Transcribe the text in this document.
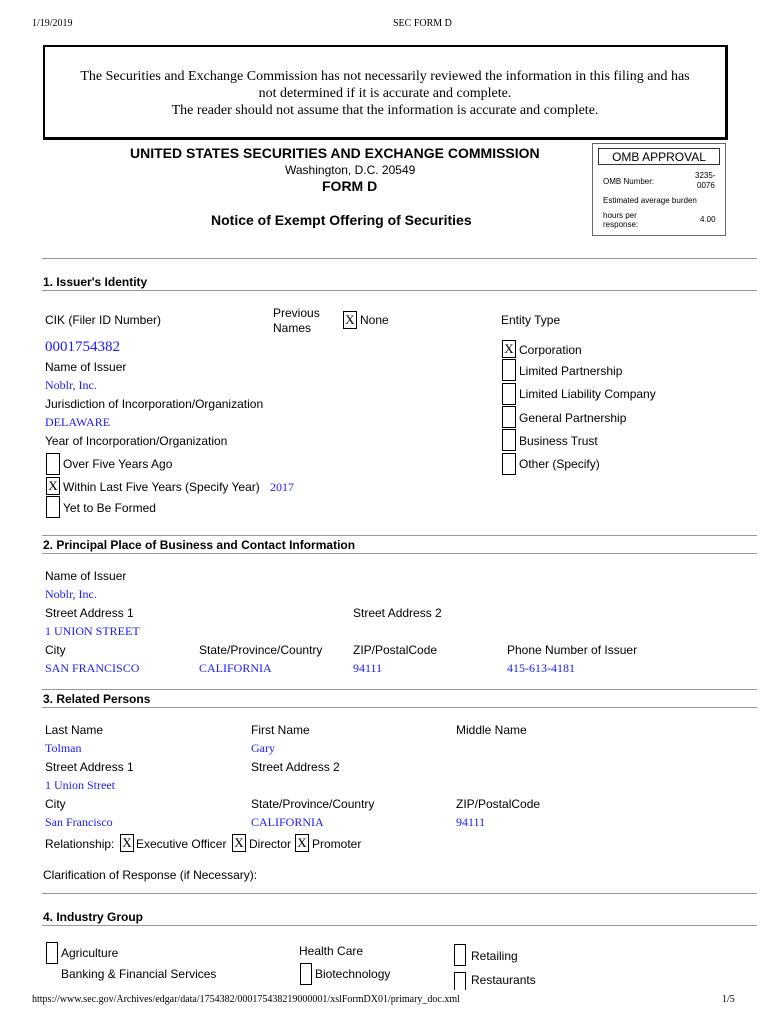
1/19/2019	SEC FORM D
The Securities and Exchange Commission has not necessarily reviewed the information in this filing and has
not determined if it is accurate and complete.
The reader should not assume that the information is accurate and complete.
UNITED STATES SECURITIES AND EXCHANGE COMMISSION
Washington, D.C. 20549
FORM D
Notice of Exempt Offering of Securities
OMB APPROVAL
OMB Number:
3235-
0076
Estimated average burden
hours per
response:
4.00
1. Issuer's Identity
CIK (Filer ID Number)	Previous
Names
X None	Entity Type
0001754382
Name of Issuer
Noblr, Inc.
Jurisdiction of Incorporation/Organization
DELAWARE
Year of Incorporation/Organization
X Corporation
Limited Partnership
Limited Liability Company
General Partnership
Business Trust
Other (Specify)
Over Five Years Ago
X Within Last Five Years (Specify Year) 2017
Yet to Be Formed
2. Principal Place of Business and Contact Information
Name of Issuer
Noblr, Inc.
Street Address 1	Street Address 2
1 UNION STREET
City	State/Province/Country	ZIP/PostalCode	Phone Number of Issuer
SAN FRANCISCO	CALIFORNIA	94111	415-613-4181
3. Related Persons
Last Name	First Name	Middle Name
Tolman	Gary
Street Address 1	Street Address 2
1 Union Street
City	State/Province/Country	ZIP/PostalCode
San Francisco	CALIFORNIA	94111
Relationship: X Executive Officer X Director X Promoter
Clarification of Response (if Necessary):
4. Industry Group
Agriculture
Banking & Financial Services
Health Care
Biotechnology
Retailing
Restaurants
https://www.sec.gov/Archives/edgar/data/1754382/000175438219000001/xslFormDX01/primary_doc.xml	1/5
